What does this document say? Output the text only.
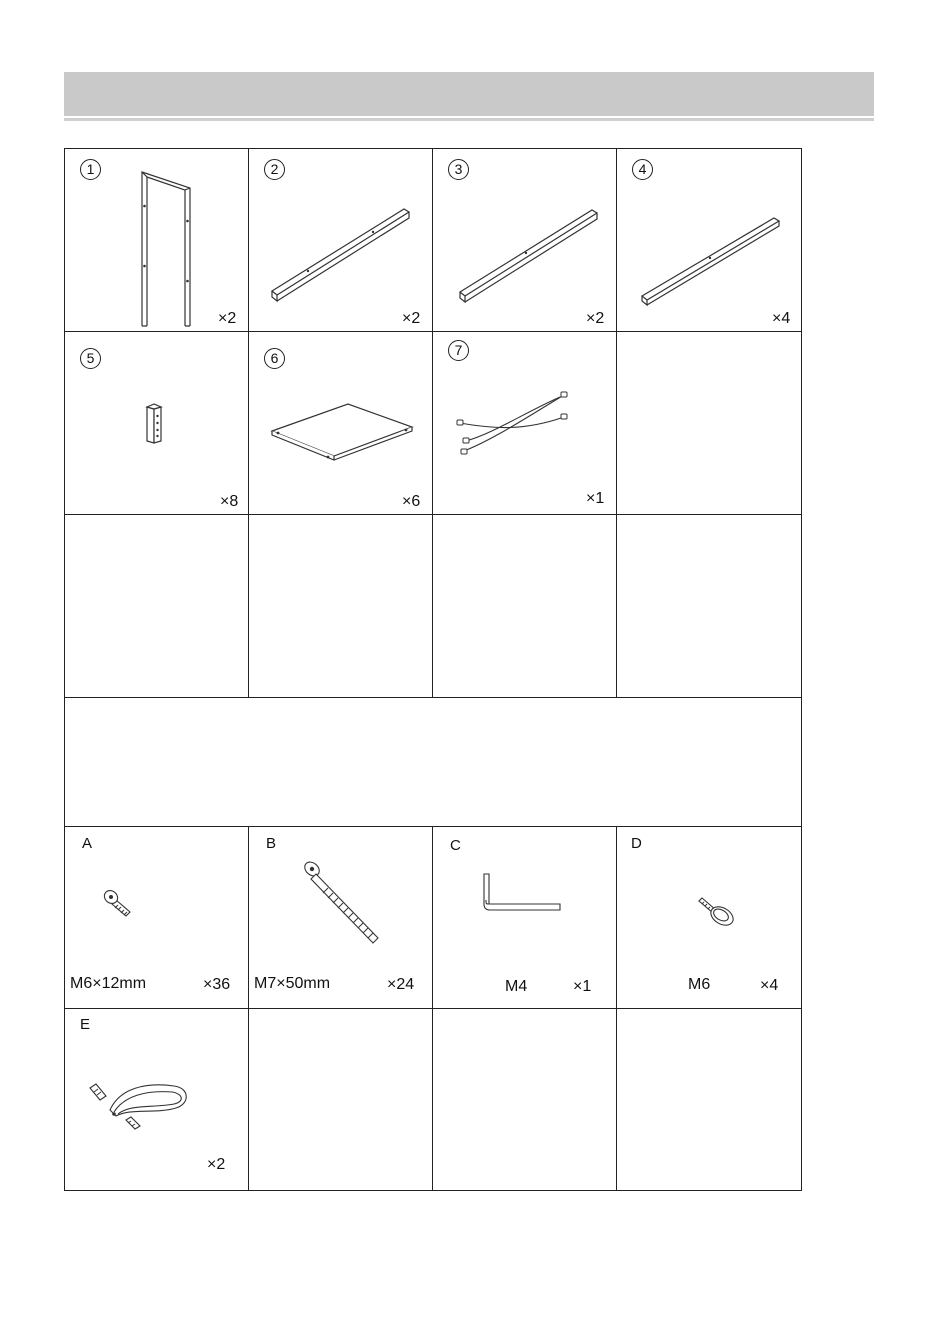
1
×2
2
×2
3
×2
4
×4
5
×8
6
×6
7
×1
A
M6×12mm	×36
B
M7×50mm	×24
C
M4	×1
D
M6	×4
E
×2
